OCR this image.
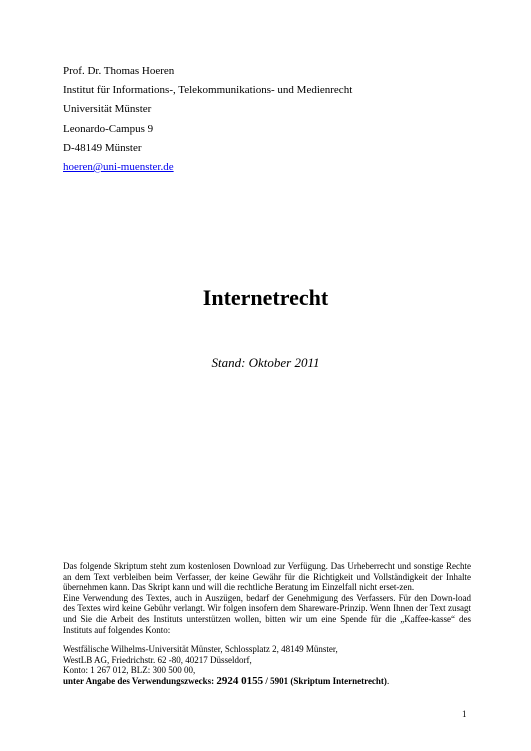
Prof. Dr. Thomas Hoeren
Institut für Informations-, Telekommunikations- und Medienrecht
Universität Münster
Leonardo-Campus 9
D-48149 Münster
hoeren@uni-muenster.de
Internetrecht
Stand: Oktober 2011

Das folgende Skriptum steht zum kostenlosen Download zur Verfügung. Das Urheberrecht und sonstige Rechte an dem Text verbleiben beim Verfasser, der keine Gewähr für die Richtigkeit und Vollständigkeit der Inhalte übernehmen kann. Das Skript kann und will die rechtliche Beratung im Einzelfall nicht erset-zen.

Eine Verwendung des Textes, auch in Auszügen, bedarf der Genehmigung des Verfassers. Für den Down-load des Textes wird keine Gebühr verlangt. Wir folgen insofern dem Shareware-Prinzip. Wenn Ihnen der Text zusagt und Sie die Arbeit des Instituts unterstützen wollen, bitten wir um eine Spende für die „Kaffee-kasse“ des Instituts auf folgendes Konto:

Westfälische Wilhelms-Universität Münster, Schlossplatz 2, 48149 Münster,
WestLB AG, Friedrichstr. 62 -80, 40217 Düsseldorf,
Konto: 1 267 012, BLZ: 300 500 00,
unter Angabe des Verwendungszwecks: 2924 0155 / 5901 (Skriptum Internetrecht).
1
